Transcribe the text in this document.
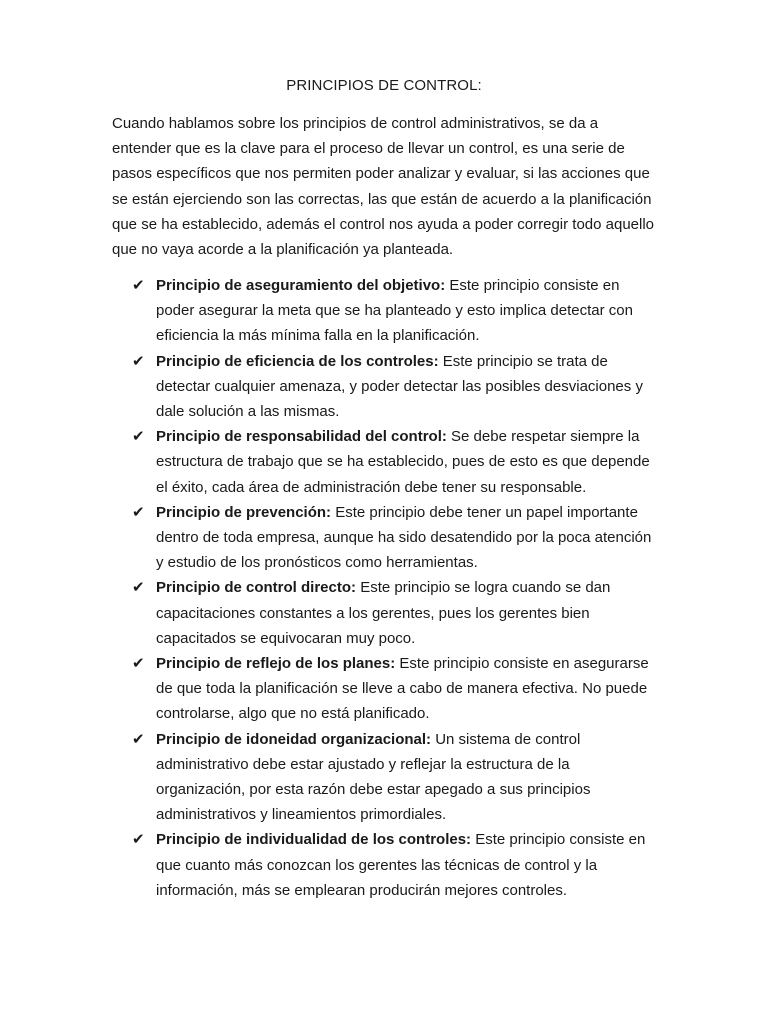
PRINCIPIOS DE CONTROL:

Cuando hablamos sobre los principios de control administrativos, se da a entender que es la clave para el proceso de llevar un control, es una serie de pasos específicos que nos permiten poder analizar y evaluar, si las acciones que se están ejerciendo son las correctas, las que están de acuerdo a la planificación que se ha establecido, además el control nos ayuda a poder corregir todo aquello que no vaya acorde a la planificación ya planteada.

✔ Principio de aseguramiento del objetivo: Este principio consiste en poder asegurar la meta que se ha planteado y esto implica detectar con eficiencia la más mínima falla en la planificación.
✔ Principio de eficiencia de los controles: Este principio se trata de detectar cualquier amenaza, y poder detectar las posibles desviaciones y dale solución a las mismas.
✔ Principio de responsabilidad del control: Se debe respetar siempre la estructura de trabajo que se ha establecido, pues de esto es que depende el éxito, cada área de administración debe tener su responsable.
✔ Principio de prevención: Este principio debe tener un papel importante dentro de toda empresa, aunque ha sido desatendido por la poca atención y estudio de los pronósticos como herramientas.
✔ Principio de control directo: Este principio se logra cuando se dan capacitaciones constantes a los gerentes, pues los gerentes bien capacitados se equivocaran muy poco.
✔ Principio de reflejo de los planes: Este principio consiste en asegurarse de que toda la planificación se lleve a cabo de manera efectiva. No puede controlarse, algo que no está planificado.
✔ Principio de idoneidad organizacional: Un sistema de control administrativo debe estar ajustado y reflejar la estructura de la organización, por esta razón debe estar apegado a sus principios administrativos y lineamientos primordiales.
✔ Principio de individualidad de los controles: Este principio consiste en que cuanto más conozcan los gerentes las técnicas de control y la información, más se emplearan producirán mejores controles.
